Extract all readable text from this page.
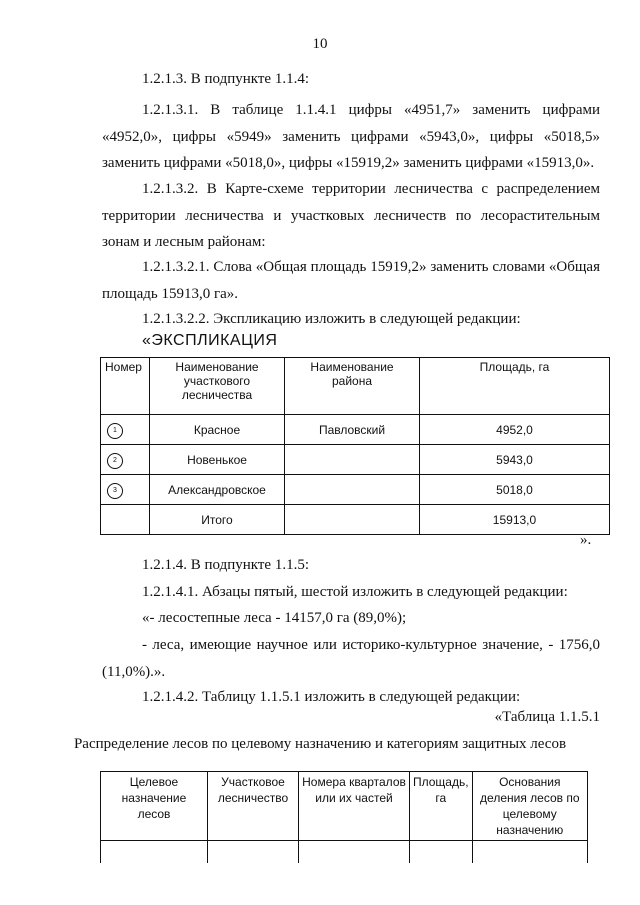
10

1.2.1.3. В подпункте 1.1.4:

1.2.1.3.1. В таблице 1.1.4.1 цифры «4951,7» заменить цифрами «4952,0», цифры «5949» заменить цифрами «5943,0», цифры «5018,5» заменить цифрами «5018,0», цифры «15919,2» заменить цифрами «15913,0».

1.2.1.3.2. В Карте-схеме территории лесничества с распределением территории лесничества и участковых лесничеств по лесорастительным зонам и лесным районам:

1.2.1.3.2.1. Слова «Общая площадь 15919,2» заменить словами «Общая площадь 15913,0 га».

1.2.1.3.2.2. Экспликацию изложить в следующей редакции:

«ЭКСПЛИКАЦИЯ
Номер	Наименование участкового лесничества	Наименование района	Площадь, га
1	Красное	Павловский	4952,0
2	Новенькое		5943,0
3	Александровское		5018,0
	Итого		15913,0
».

1.2.1.4. В подпункте 1.1.5:

1.2.1.4.1. Абзацы пятый, шестой изложить в следующей редакции:

«- лесостепные леса - 14157,0 га (89,0%);

- леса, имеющие научное или историко-культурное значение, - 1756,0 (11,0%).».

1.2.1.4.2. Таблицу 1.1.5.1 изложить в следующей редакции:

«Таблица 1.1.5.1
Распределение лесов по целевому назначению и категориям защитных лесов
Целевое назначение лесов	Участковое лесничество	Номера кварталов или их частей	Площадь, га	Основания деления лесов по целевому назначению
